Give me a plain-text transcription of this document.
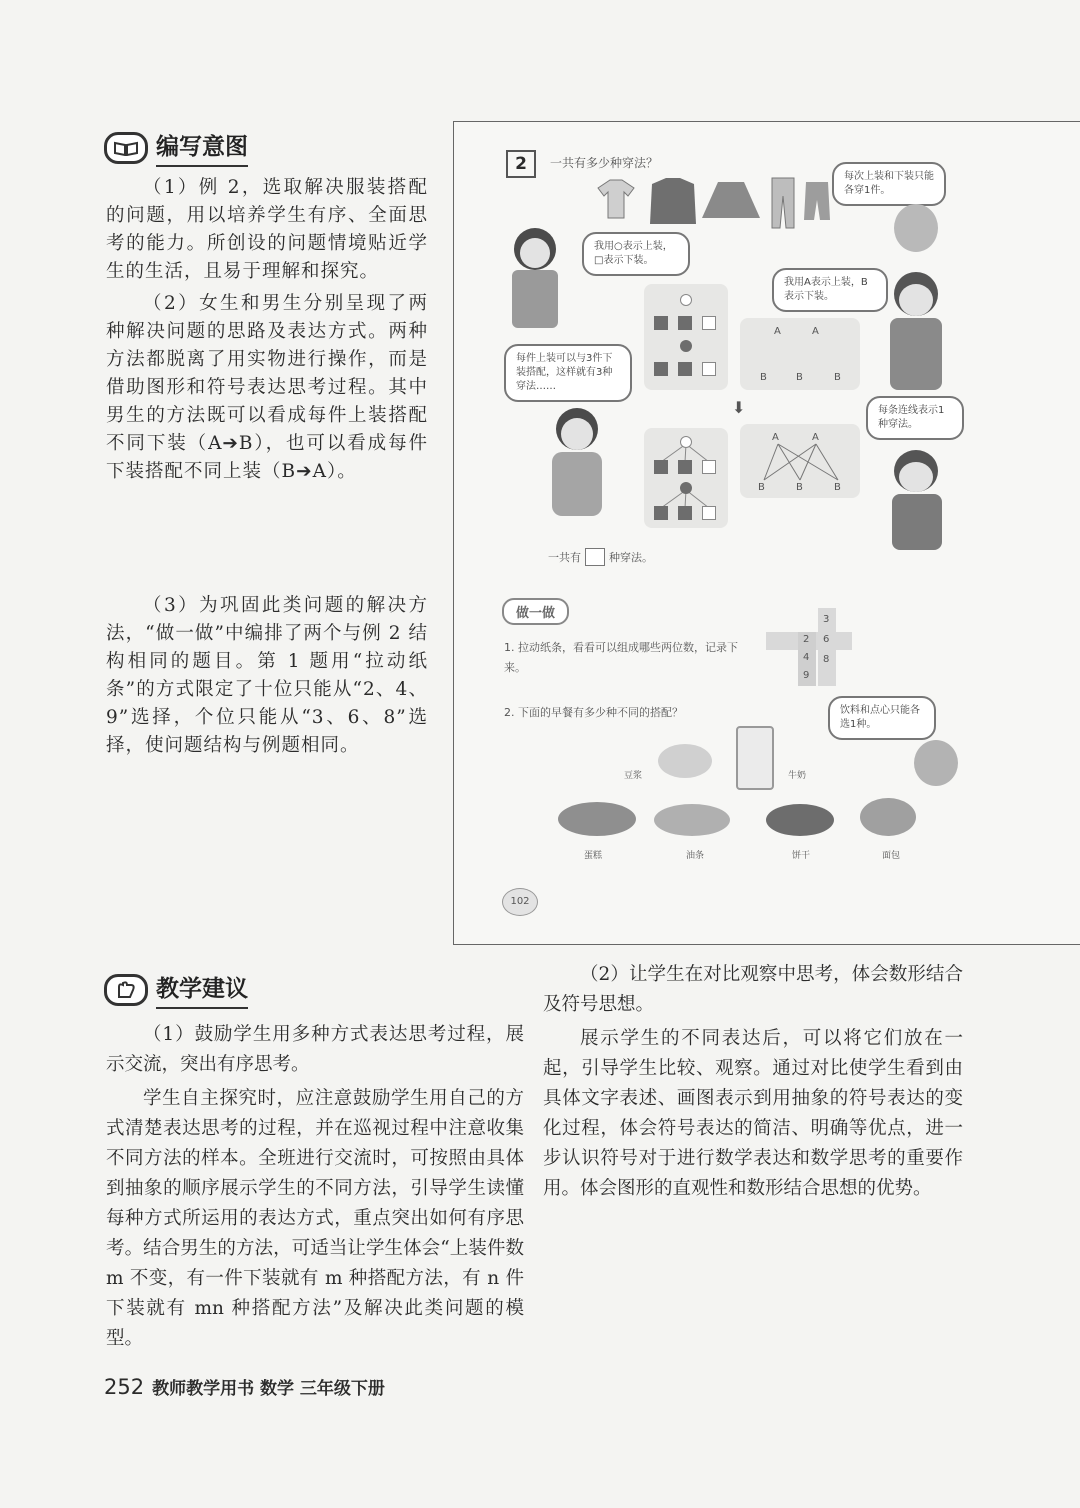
编写意图

（1）例 2，选取解决服装搭配的问题，用以培养学生有序、全面思考的能力。所创设的问题情境贴近学生的生活，且易于理解和探究。

（2）女生和男生分别呈现了两种解决问题的思路及表达方式。两种方法都脱离了用实物进行操作，而是借助图形和符号表达思考过程。其中男生的方法既可以看成每件上装搭配不同下装（A➔B），也可以看成每件下装搭配不同上装（B➔A）。

（3）为巩固此类问题的解决方法，“做一做”中编排了两个与例 2 结构相同的题目。第 1 题用“拉动纸条”的方式限定了十位只能从“2、4、9”选择，个位只能从“3、6、8”选择，使问题结构与例题相同。

2	一共有多少种穿法？
每次上装和下装只能各穿1件。
我用○表示上装，□表示下装。
我用A表示上装，B表示下装。
A	A
B	B	B
每件上装可以与3件下装搭配，这样就有3种穿法……
⬇
A	A
B	B	B
每条连线表示1种穿法。
一共有	种穿法。
做一做
1. 拉动纸条，看看可以组成哪些两位数，记录下来。
2
4
9
3
6
8
2. 下面的早餐有多少种不同的搭配？	饮料和点心只能各选1种。
豆浆	牛奶
蛋糕	油条	饼干	面包
102
教学建议

（1）鼓励学生用多种方式表达思考过程，展示交流，突出有序思考。

学生自主探究时，应注意鼓励学生用自己的方式清楚表达思考的过程，并在巡视过程中注意收集不同方法的样本。全班进行交流时，可按照由具体到抽象的顺序展示学生的不同方法，引导学生读懂每种方式所运用的表达方式，重点突出如何有序思考。结合男生的方法，可适当让学生体会“上装件数 m 不变，有一件下装就有 m 种搭配方法，有 n 件下装就有 mn 种搭配方法”及解决此类问题的模型。

（2）让学生在对比观察中思考，体会数形结合及符号思想。

展示学生的不同表达后，可以将它们放在一起，引导学生比较、观察。通过对比使学生看到由具体文字表述、画图表示到用抽象的符号表达的变化过程，体会符号表达的简洁、明确等优点，进一步认识符号对于进行数学表达和数学思考的重要作用。体会图形的直观性和数形结合思想的优势。

252 教师教学用书 数学 三年级下册
